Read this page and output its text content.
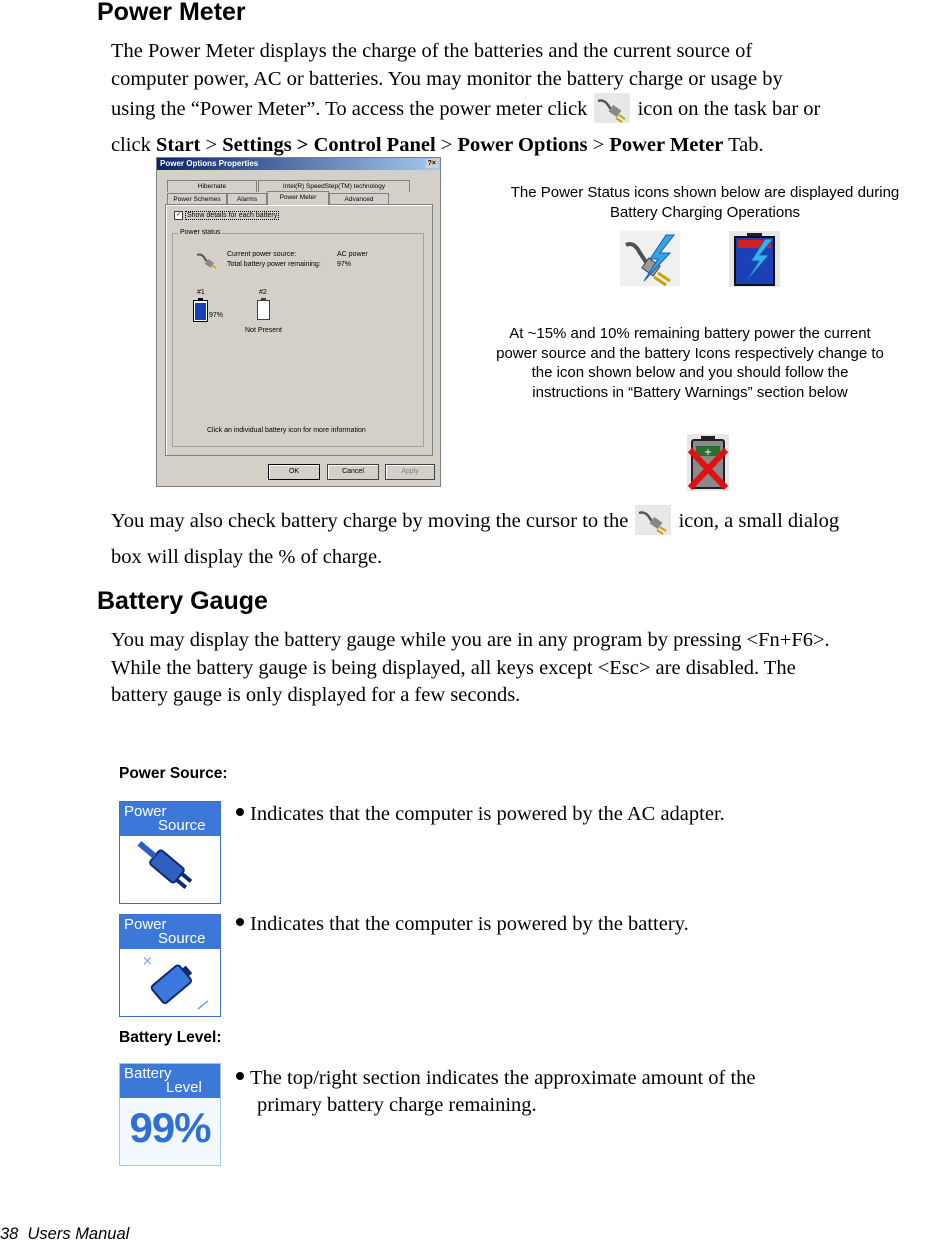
Power Meter
The Power Meter displays the charge of the batteries and the current source of
computer power, AC or batteries. You may monitor the battery charge or usage by
using the “Power Meter”. To access the power meter click icon on the task bar or
click Start > Settings > Control Panel > Power Options > Power Meter Tab.
Power Options Properties	?×
Hibernate	Intel(R) SpeedStep(TM) technology
Power Schemes	Alarms	Power Meter	Advanced
✓ Show details for each battery
Power status
Current power source:	AC power
Total battery power remaining: 97%
#1
97%
#2
Not Present
Click an individual battery icon for more information
OK	Cancel	Apply
The Power Status icons shown below are displayed during Battery Charging Operations
At ~15% and 10% remaining battery power the current power source and the battery Icons respectively change to the icon shown below and you should follow the instructions in “Battery Warnings” section below
+
You may also check battery charge by moving the cursor to the icon, a small dialog
box will display the % of charge.
Battery Gauge
You may display the battery gauge while you are in any program by pressing <Fn+F6>.
While the battery gauge is being displayed, all keys except <Esc> are disabled. The
battery gauge is only displayed for a few seconds.
Power Source:
Power
Source
Indicates that the computer is powered by the AC adapter.
Power
Source
×
Indicates that the computer is powered by the battery.
Battery Level:
Battery
Level
99%
The top/right section indicates the approximate amount of the
primary battery charge remaining.
38  Users Manual
